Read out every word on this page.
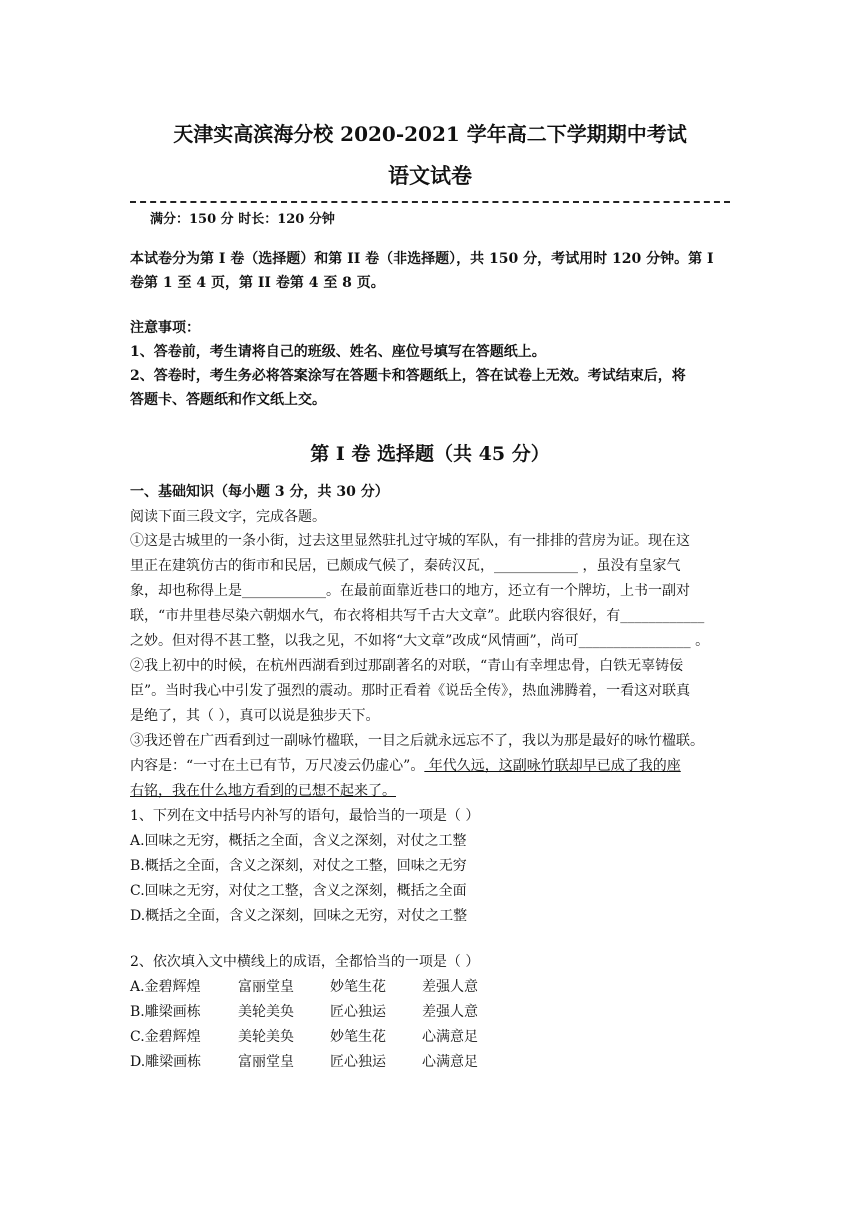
天津实高滨海分校 2020-2021 学年高二下学期期中考试
语文试卷
满分：150 分 时长：120 分钟
本试卷分为第 I 卷（选择题）和第 II 卷（非选择题），共 150 分，考试用时 120 分钟。第 I
卷第 1 至 4 页，第 II 卷第 4 至 8 页。
注意事项：
1、答卷前，考生请将自己的班级、姓名、座位号填写在答题纸上。
2、答卷时，考生务必将答案涂写在答题卡和答题纸上，答在试卷上无效。考试结束后，将
答题卡、答题纸和作文纸上交。
第 I 卷 选择题（共 45 分）
一、基础知识（每小题 3 分，共 30 分）
阅读下面三段文字，完成各题。
①这是古城里的一条小街，过去这里显然驻扎过守城的军队，有一排排的营房为证。现在这
里正在建筑仿古的街市和民居，已颇成气候了，秦砖汉瓦，____________ ，虽没有皇家气
象，却也称得上是____________。在最前面靠近巷口的地方，还立有一个牌坊，上书一副对
联，“市井里巷尽染六朝烟水气，布衣将相共写千古大文章”。此联内容很好，有____________
之妙。但对得不甚工整，以我之见，不如将“大文章”改成“风情画”，尚可________________ 。
②我上初中的时候，在杭州西湖看到过那副著名的对联，“青山有幸埋忠骨，白铁无辜铸佞
臣”。当时我心中引发了强烈的震动。那时正看着《说岳全传》，热血沸腾着，一看这对联真
是绝了，其（ ），真可以说是独步天下。
③我还曾在广西看到过一副咏竹楹联，一目之后就永远忘不了，我以为那是最好的咏竹楹联。
内容是：“一寸在土已有节，万尺凌云仍虚心”。 年代久远，这副咏竹联却早已成了我的座
右铭，我在什么地方看到的已想不起来了。
1、下列在文中括号内补写的语句，最恰当的一项是（ ）
A.回味之无穷，概括之全面，含义之深刻，对仗之工整
B.概括之全面，含义之深刻，对仗之工整，回味之无穷
C.回味之无穷，对仗之工整，含义之深刻，概括之全面
D.概括之全面，含义之深刻，回味之无穷，对仗之工整
2、依次填入文中横线上的成语，全都恰当的一项是（ ）
A.金碧辉煌	富丽堂皇	妙笔生花	差强人意
B.雕梁画栋	美轮美奂	匠心独运	差强人意
C.金碧辉煌	美轮美奂	妙笔生花	心满意足
D.雕梁画栋	富丽堂皇	匠心独运	心满意足
